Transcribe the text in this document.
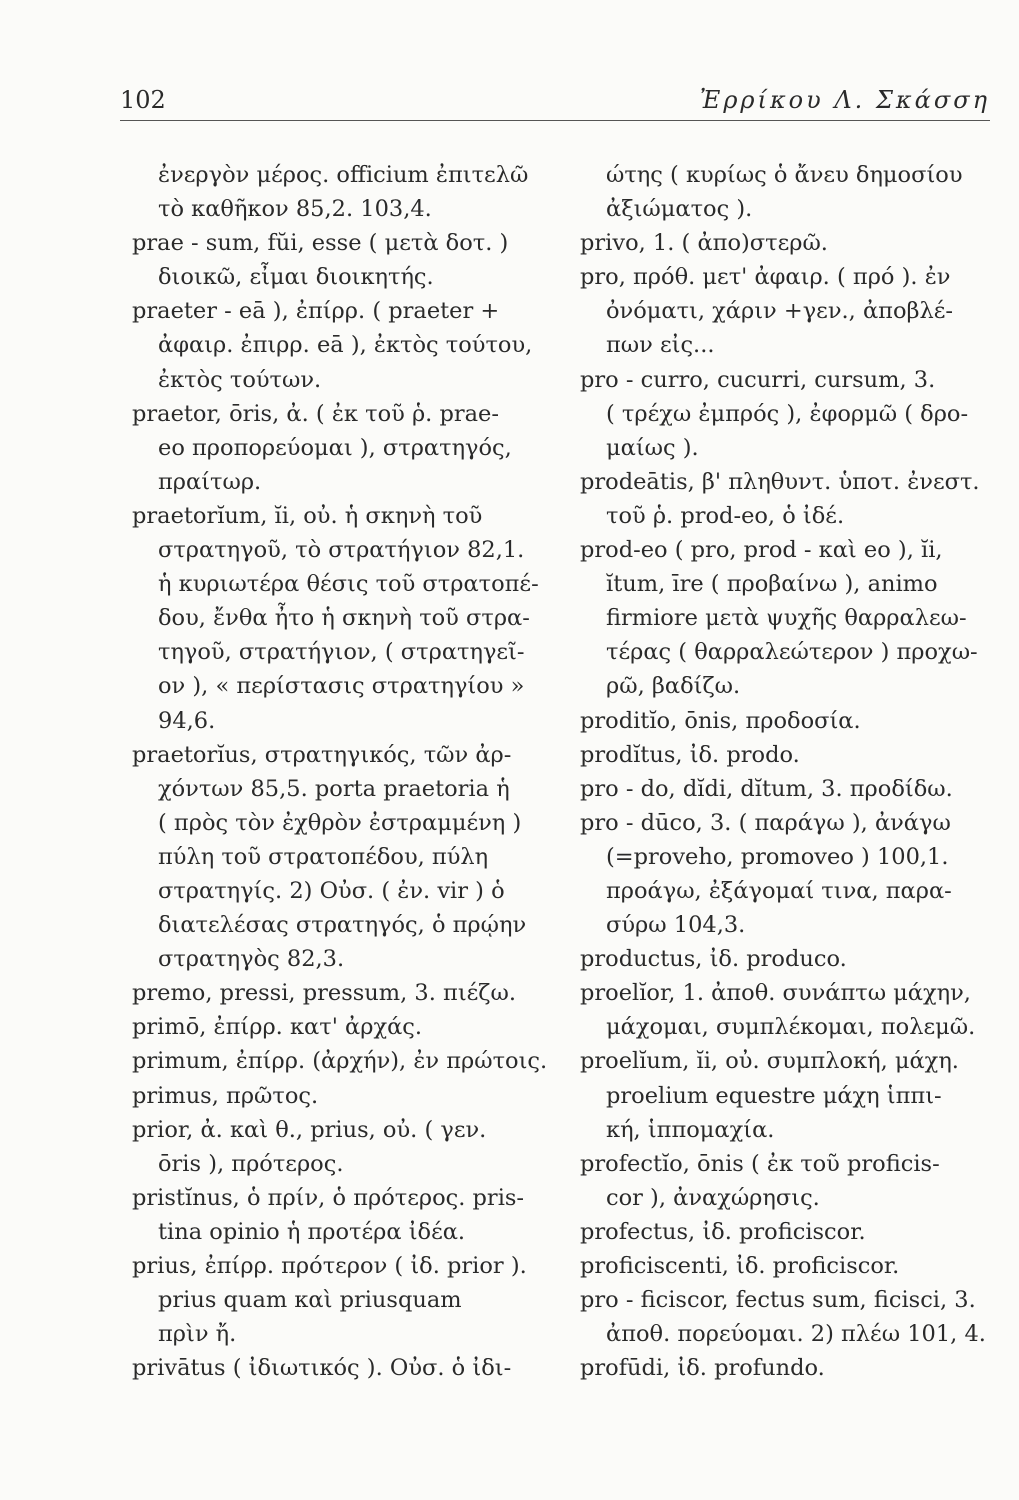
102	Ἐρρίκου Λ. Σκάσση
ἐνεργὸν μέρος. officium ἐπιτελῶ
τὸ καθῆκον 85,2. 103,4.
prae - sum, fŭi, esse ( μετὰ δοτ. )
διοικῶ, εἶμαι διοικητής.
praeter - eā ), ἐπίρρ. ( praeter +
ἀφαιρ. ἐπιρρ. eā ), ἐκτὸς τούτου,
ἐκτὸς τούτων.
praetor, ōris, ἀ. ( ἐκ τοῦ ῥ. prae-
eo προπορεύομαι ), στρατηγός,
πραίτωρ.
praetorĭum, ĭi, οὐ. ἡ σκηνὴ τοῦ
στρατηγοῦ, τὸ στρατήγιον 82,1.
ἡ κυριωτέρα θέσις τοῦ στρατοπέ-
δου, ἔνθα ἦτο ἡ σκηνὴ τοῦ στρα-
τηγοῦ, στρατήγιον, ( στρατηγεῖ-
ον ), « περίστασις στρατηγίου »
94,6.
praetorĭus, στρατηγικός, τῶν ἀρ-
χόντων 85,5. porta praetoria ἡ
( πρὸς τὸν ἐχθρὸν ἐστραμμένη )
πύλη τοῦ στρατοπέδου, πύλη
στρατηγίς. 2) Οὐσ. ( ἐν. vir ) ὁ
διατελέσας στρατηγός, ὁ πρῴην
στρατηγὸς 82,3.
premo, pressi, pressum, 3. πιέζω.
primō, ἐπίρρ. κατ' ἀρχάς.
primum, ἐπίρρ. (ἀρχήν), ἐν πρώτοις.
primus, πρῶτος.
prior, ἀ. καὶ θ., prius, οὐ. ( γεν.
ōris ), πρότερος.
pristĭnus, ὁ πρίν, ὁ πρότερος. pris-
tina opinio ἡ προτέρα ἰδέα.
prius, ἐπίρρ. πρότερον ( ἰδ. prior ).
prius quam καὶ priusquam
πρὶν ἤ.
privātus ( ἰδιωτικός ). Οὐσ. ὁ ἰδι-
ώτης ( κυρίως ὁ ἄνευ δημοσίου
ἀξιώματος ).
privo, 1. ( ἀπο)στερῶ.
pro, πρόθ. μετ' ἀφαιρ. ( πρό ). ἐν
ὀνόματι, χάριν +γεν., ἀποβλέ-
πων εἰς...
pro - curro, cucurri, cursum, 3.
( τρέχω ἐμπρός ), ἐφορμῶ ( δρο-
μαίως ).
prodeātis, β' πληθυντ. ὑποτ. ἐνεστ.
τοῦ ῥ. prod-eo, ὁ ἰδέ.
prod-eo ( pro, prod - καὶ eo ), ĭi,
ĭtum, īre ( προβαίνω ), animo
firmiore μετὰ ψυχῆς θαρραλεω-
τέρας ( θαρραλεώτερον ) προχω-
ρῶ, βαδίζω.
proditĭo, ōnis, προδοσία.
prodĭtus, ἰδ. prodo.
pro - do, dĭdi, dĭtum, 3. προδίδω.
pro - dūco, 3. ( παράγω ), ἀνάγω
(=proveho, promoveo ) 100,1.
προάγω, ἐξάγομαί τινα, παρα-
σύρω 104,3.
productus, ἰδ. produco.
proelĭor, 1. ἀποθ. συνάπτω μάχην,
μάχομαι, συμπλέκομαι, πολεμῶ.
proelĭum, ĭi, οὐ. συμπλοκή, μάχη.
proelium equestre μάχη ἱππι-
κή, ἱππομαχία.
profectĭo, ōnis ( ἐκ τοῦ proficis-
cor ), ἀναχώρησις.
profectus, ἰδ. proficiscor.
proficiscenti, ἰδ. proficiscor.
pro - ficiscor, fectus sum, ficisci, 3.
ἀποθ. πορεύομαι. 2) πλέω 101, 4.
profūdi, ἰδ. profundo.
